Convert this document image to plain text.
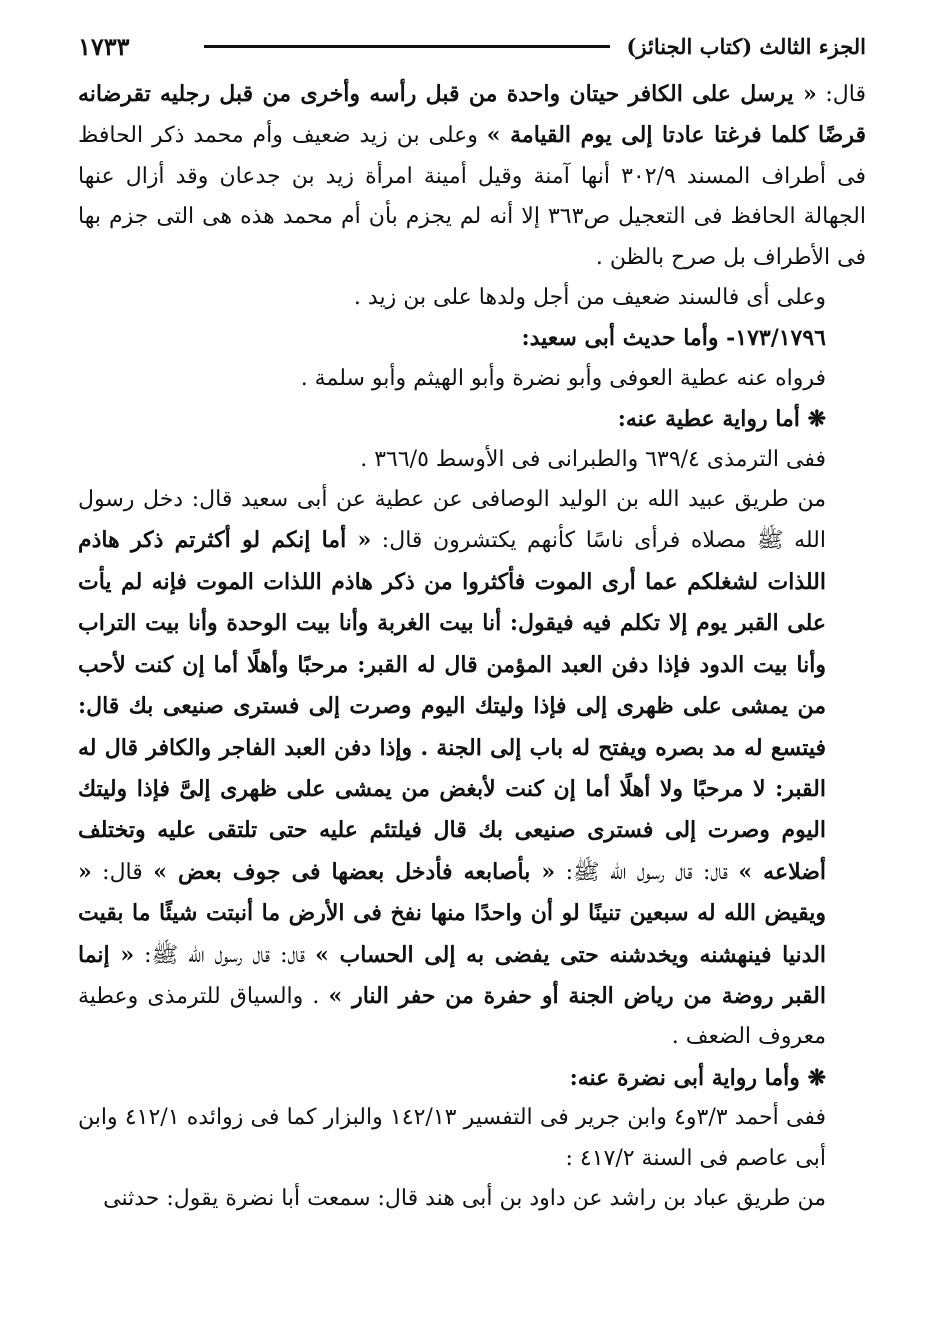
١٧٣٣	الجزء الثالث (كتاب الجنائز)

قال: « يرسل على الكافر حيتان واحدة من قبل رأسه وأخرى من قبل رجليه تقرضانه قرضًا كلما فرغتا عادتا إلى يوم القيامة » وعلى بن زيد ضعيف وأم محمد ذكر الحافظ فى أطراف المسند ٣٠٢/٩ أنها آمنة وقيل أمينة امرأة زيد بن جدعان وقد أزال عنها الجهالة الحافظ فى التعجيل ص٣٦٣ إلا أنه لم يجزم بأن أم محمد هذه هى التى جزم بها فى الأطراف بل صرح بالظن .

وعلى أى فالسند ضعيف من أجل ولدها على بن زيد .

١٧٣/١٧٩٦- وأما حديث أبى سعيد:

فرواه عنه عطية العوفى وأبو نضرة وأبو الهيثم وأبو سلمة .

❋ أما رواية عطية عنه:

ففى الترمذى ٦٣٩/٤ والطبرانى فى الأوسط ٣٦٦/٥ .

من طريق عبيد الله بن الوليد الوصافى عن عطية عن أبى سعيد قال: دخل رسول الله ﷺ مصلاه فرأى ناسًا كأنهم يكتشرون قال: « أما إنكم لو أكثرتم ذكر هاذم اللذات لشغلكم عما أرى الموت فأكثروا من ذكر هاذم اللذات الموت فإنه لم يأت على القبر يوم إلا تكلم فيه فيقول: أنا بيت الغربة وأنا بيت الوحدة وأنا بيت التراب وأنا بيت الدود فإذا دفن العبد المؤمن قال له القبر: مرحبًا وأهلًا أما إن كنت لأحب من يمشى على ظهرى إلى فإذا وليتك اليوم وصرت إلى فسترى صنيعى بك قال: فيتسع له مد بصره ويفتح له باب إلى الجنة . وإذا دفن العبد الفاجر والكافر قال له القبر: لا مرحبًا ولا أهلًا أما إن كنت لأبغض من يمشى على ظهرى إلىَّ فإذا وليتك اليوم وصرت إلى فسترى صنيعى بك قال فيلتئم عليه حتى تلتقى عليه وتختلف أضلاعه » قال: قال رسول الله ﷺ: « بأصابعه فأدخل بعضها فى جوف بعض » قال: « ويقيض الله له سبعين تنينًا لو أن واحدًا منها نفخ فى الأرض ما أنبتت شيئًا ما بقيت الدنيا فينهشنه ويخدشنه حتى يفضى به إلى الحساب » قال: قال رسول الله ﷺ: « إنما القبر روضة من رياض الجنة أو حفرة من حفر النار » . والسياق للترمذى وعطية معروف الضعف .

❋ وأما رواية أبى نضرة عنه:

ففى أحمد ٣/٣و٤ وابن جرير فى التفسير ١٤٢/١٣ والبزار كما فى زوائده ٤١٢/١ وابن أبى عاصم فى السنة ٤١٧/٢ :

من طريق عباد بن راشد عن داود بن أبى هند قال: سمعت أبا نضرة يقول: حدثنى
